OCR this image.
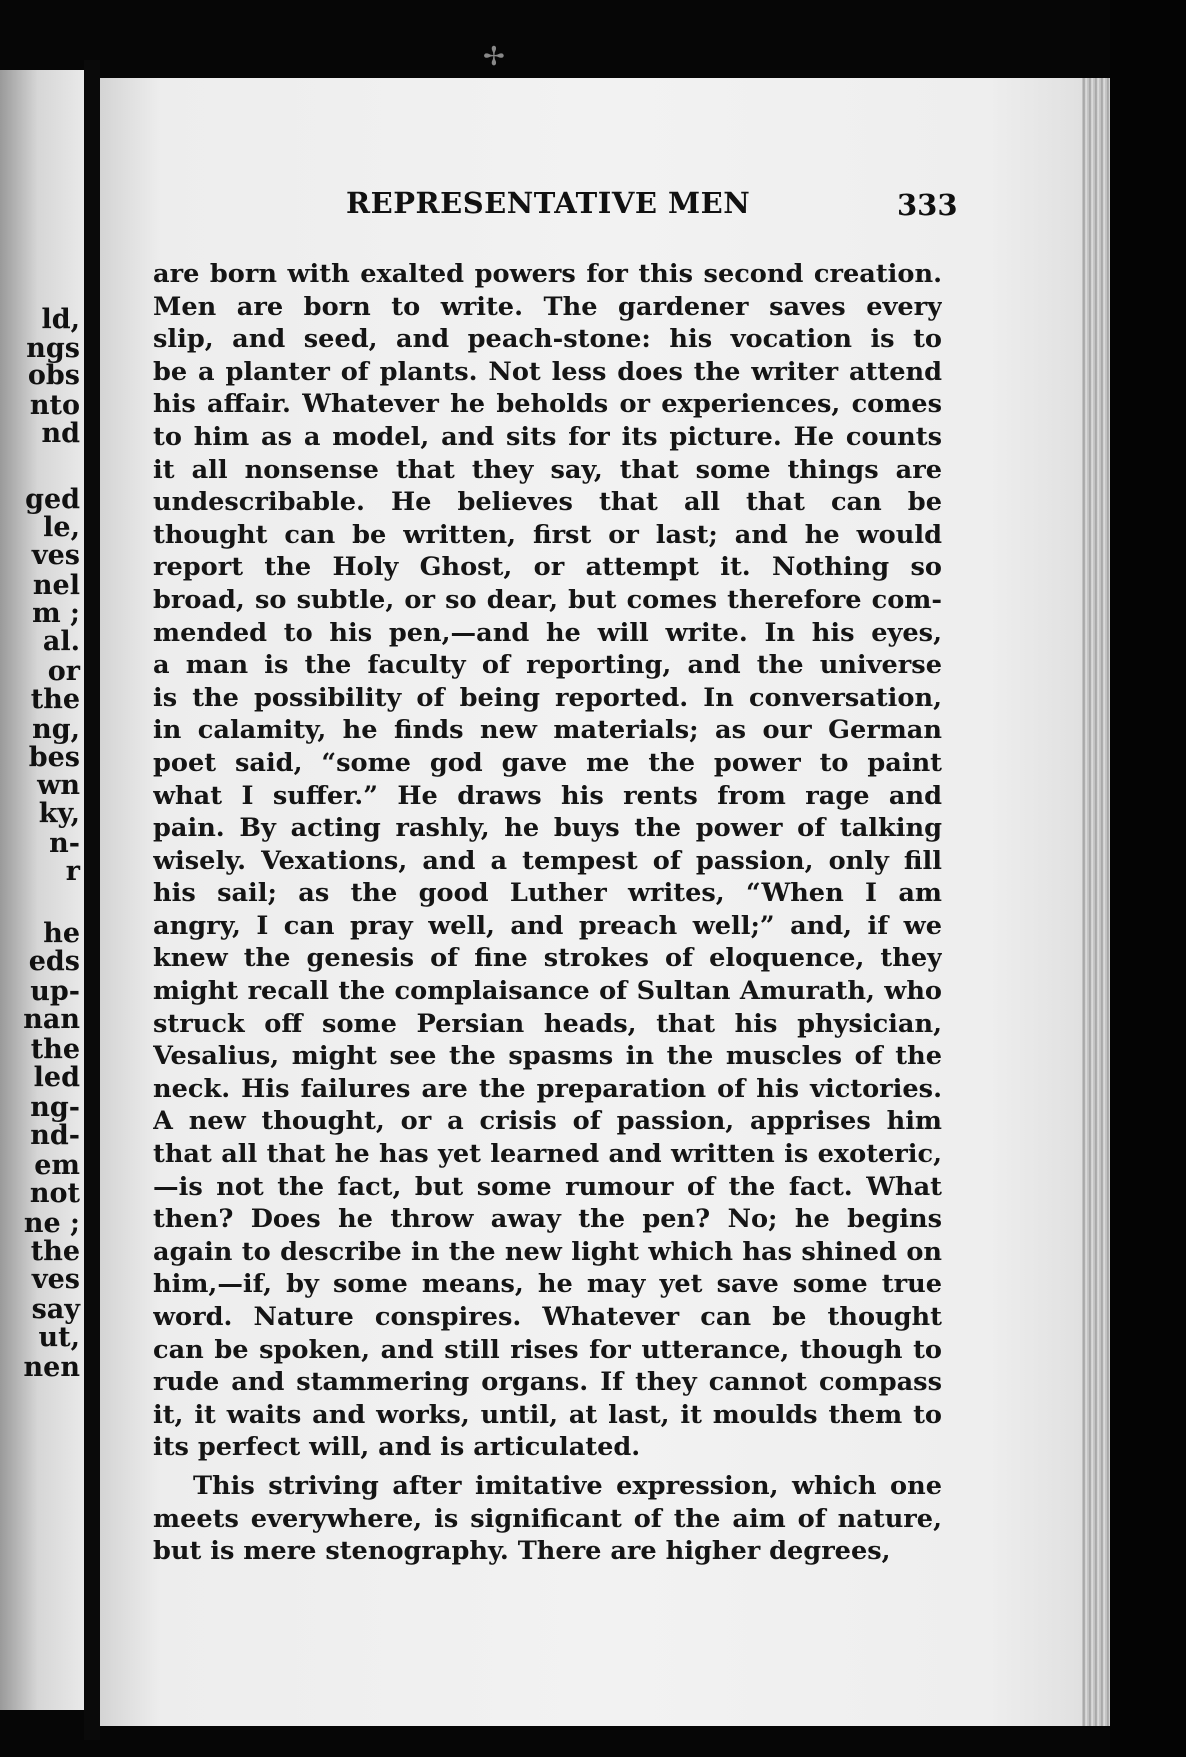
ld,
ngs
obs
nto
nd
ged
le,
ves
nel
m ;
al.
or
the
ng,
bes
wn
ky,
n-
r
he
eds
up-
nan
the
led
ng-
nd-
em
not
ne ;
the
ves
say
ut,
nen
✢
REPRESENTATIVE MEN	333
are born with exalted powers for this second creation.
Men are born to write. The gardener saves every
slip, and seed, and peach-stone: his vocation is to
be a planter of plants. Not less does the writer attend
his affair. Whatever he beholds or experiences, comes
to him as a model, and sits for its picture. He counts
it all nonsense that they say, that some things are
undescribable. He believes that all that can be
thought can be written, first or last; and he would
report the Holy Ghost, or attempt it. Nothing so
broad, so subtle, or so dear, but comes therefore com-
mended to his pen,—and he will write. In his eyes,
a man is the faculty of reporting, and the universe
is the possibility of being reported. In conversation,
in calamity, he finds new materials; as our German
poet said, “some god gave me the power to paint
what I suffer.” He draws his rents from rage and
pain. By acting rashly, he buys the power of talking
wisely. Vexations, and a tempest of passion, only fill
his sail; as the good Luther writes, “When I am
angry, I can pray well, and preach well;” and, if we
knew the genesis of fine strokes of eloquence, they
might recall the complaisance of Sultan Amurath, who
struck off some Persian heads, that his physician,
Vesalius, might see the spasms in the muscles of the
neck. His failures are the preparation of his victories.
A new thought, or a crisis of passion, apprises him
that all that he has yet learned and written is exoteric,
—is not the fact, but some rumour of the fact. What
then? Does he throw away the pen? No; he begins
again to describe in the new light which has shined on
him,—if, by some means, he may yet save some true
word. Nature conspires. Whatever can be thought
can be spoken, and still rises for utterance, though to
rude and stammering organs. If they cannot compass
it, it waits and works, until, at last, it moulds them to
its perfect will, and is articulated.
This striving after imitative expression, which one
meets everywhere, is significant of the aim of nature,
but is mere stenography. There are higher degrees,
